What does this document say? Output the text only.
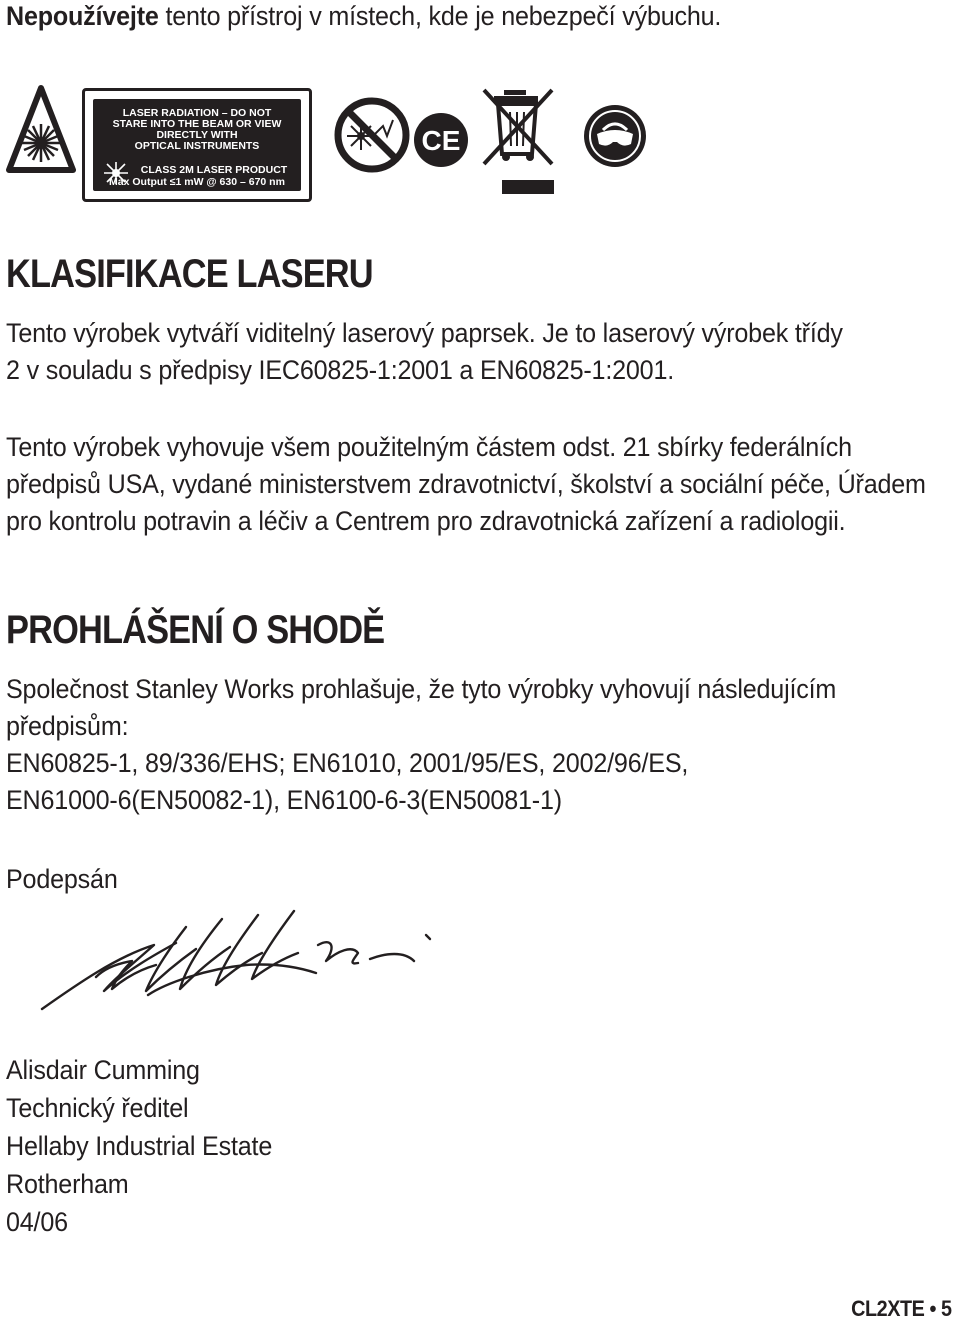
Nepoužívejte tento přístroj v místech, kde je nebezpečí výbuchu.
LASER RADIATION – DO NOT
STARE INTO THE BEAM OR VIEW
DIRECTLY WITH
OPTICAL INSTRUMENTS
CLASS 2M LASER PRODUCT
Max Output ≤1 mW @ 630 – 670 nm
CE
KLASIFIKACE LASERU
Tento výrobek vytváří viditelný laserový paprsek. Je to laserový výrobek třídy
2 v souladu s předpisy IEC60825-1:2001 a EN60825-1:2001.
Tento výrobek vyhovuje všem použitelným částem odst. 21 sbírky federálních
předpisů USA, vydané ministerstvem zdravotnictví, školství a sociální péče, Úřadem
pro kontrolu potravin a léčiv a Centrem pro zdravotnická zařízení a radiologii.
PROHLÁŠENÍ O SHODĚ
Společnost Stanley Works prohlašuje, že tyto výrobky vyhovují následujícím
předpisům:
EN60825-1, 89/336/EHS; EN61010, 2001/95/ES, 2002/96/ES,
EN61000-6(EN50082-1), EN6100-6-3(EN50081-1)
Podepsán
Alisdair Cumming
Technický ředitel
Hellaby Industrial Estate
Rotherham
04/06
CL2XTE • 5
